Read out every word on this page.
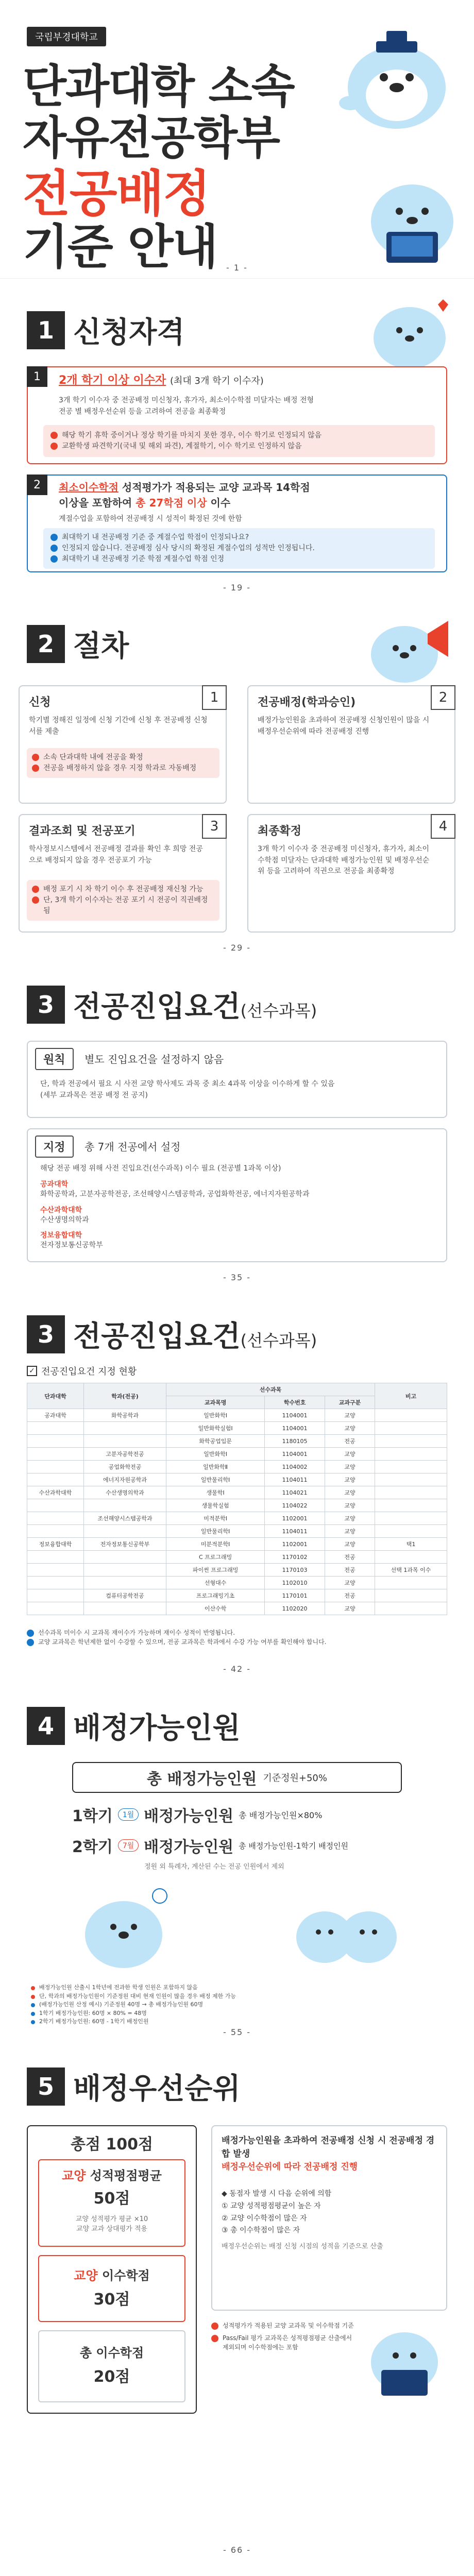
국립부경대학교
단과대학 소속
자유전공학부
전공배정
기준 안내	- 1 -
1 신청자격
1	2개 학기 이상 이수자 (최대 3개 학기 이수자)
3개 학기 이수자 중 전공배정 미신청자, 휴가자, 최소이수학점 미달자는 배정 전형
전공 별 배정우선순위 등을 고려하여 전공을 최종확정
해당 학기 휴학 중이거나 정상 학기를 마치지 못한 경우, 이수 학기로 인정되지 않음
교환학생 파견학기(국내 및 해외 파견), 계절학기, 이수 학기로 인정하지 않음
2	최소이수학점 성적평가가 적용되는 교양 교과목 14학점
이상을 포함하여 총 27학점 이상 이수
계절수업을 포함하여 전공배정 시 성적이 확정된 것에 한함
최대학기 내 전공배정 기준 중 계절수업 학점이 인정되나요?
인정되지 않습니다. 전공배정 심사 당시의 확정된 계절수업의 성적만 인정됩니다.
최대학기 내 전공배정 기준 학점 계절수업 학점 인정
- 19 -
2 절차
1
신청
학기별 정해진 일정에 신청 기간에 신청 후 전공배정 신청서를 제출
소속 단과대학 내에 전공을 확정
전공을 배정하지 않을 경우 지정 학과로 자동배정
2
전공배정(학과승인)
배정가능인원을 초과하여 전공배정 신청인원이 많을 시 배정우선순위에 따라 전공배정 진행
3
결과조회 및 전공포기
학사정보시스템에서 전공배정 결과를 확인 후 희망 전공으로 배정되지 않을 경우 전공포기 가능
배정 포기 시 차 학기 이수 후 전공배정 재신청 가능
단, 3개 학기 이수자는 전공 포기 시 전공이 직권배정 됨
4
최종확정
3개 학기 이수자 중 전공배정 미신청자, 휴가자, 최소이수학점 미달자는 단과대학 배정가능인원 및 배정우선순위 등을 고려하여 직권으로 전공을 최종확정
- 29 -
3 전공진입요건(선수과목)
원칙	별도 진입요건을 설정하지 않음
단, 학과 전공에서 필요 시 사전 교양 학사제도 과목 중 최소 4과목 이상을 이수하게 할 수 있음
(세부 교과목은 전공 배정 전 공지)
지정	총 7개 전공에서 설정
해당 전공 배정 위해 사전 진입요건(선수과목) 이수 필요 (전공별 1과목 이상)
공과대학
화학공학과, 고분자공학전공, 조선해양시스템공학과, 공업화학전공, 에너지자원공학과
수산과학대학
수산생명의학과
정보융합대학
전자정보통신공학부
- 35 -
3 전공진입요건(선수과목)
✓ 전공진입요건 지정 현황
단과대학	학과(전공)	선수과목			비고
		교과목명	학수번호	교과구분	
공과대학	화학공학과	일반화학Ⅰ	1104001	교양	
		일반화학실험Ⅰ	1104001	교양	
		화학공업입문	1180105	전공	
	고분자공학전공	일반화학Ⅰ	1104001	교양	
	공업화학전공	일반화학Ⅱ	1104002	교양	
	에너지자원공학과	일반물리학Ⅰ	1104011	교양	
수산과학대학	수산생명의학과	생물학Ⅰ	1104021	교양	
		생물학실험	1104022	교양	
	조선해양시스템공학과	미적분학Ⅰ	1102001	교양	
		일반물리학Ⅰ	1104011	교양	
정보융합대학	전자정보통신공학부	미분적분학Ⅰ	1102001	교양	택1
		C 프로그래밍	1170102	전공	
		파이썬 프로그래밍	1170103	전공	선택 1과목 이수
		선형대수	1102010	교양	
	컴퓨터공학전공	프로그래밍기초	1170101	전공	
		이산수학	1102020	교양	
선수과목 미이수 시 교과목 재이수가 가능하며 재이수 성적이 반영됩니다.
교양 교과목은 학년제한 없이 수강할 수 있으며, 전공 교과목은 학과에서 수강 가능 여부를 확인해야 합니다.
- 42 -
4 배정가능인원
총 배정가능인원 기준정원+50%
1학기	1월 배정가능인원 총 배정가능인원×80%
2학기	7월 배정가능인원 총 배정가능인원-1학기 배정인원
정원 외 특례자, 계산된 수는 전공 인원에서 제외
배정가능인원 산출시 1학년에 전과한 학생 인원은 포함하지 않음
단, 학과의 배정가능인원이 기준정원 대비 현재 인원이 많을 경우 배정 제한 가능
(배정가능인원 산정 예시) 기준정원 40명 → 총 배정가능인원 60명
1학기 배정가능인원: 60명 × 80% = 48명
2학기 배정가능인원: 60명 - 1학기 배정인원
- 55 -
5 배정우선순위
총점 100점
교양 성적평점평균
50점
교양 성적평가 평균 ×10
교양 교과 상대평가 적용
교양 이수학점
30점
총 이수학점
20점
배정가능인원을 초과하여 전공배정 신청 시 전공배정 경합 발생
배정우선순위에 따라 전공배정 진행
◆ 동점자 발생 시 다음 순위에 의함
① 교양 성적평점평균이 높은 자
② 교양 이수학점이 많은 자
③ 총 이수학점이 많은 자
배정우선순위는 배정 신청 시점의 성적을 기준으로 산출
성적평가가 적용된 교양 교과목 및 이수학점 기준
Pass/Fail 평가 교과목은 성적평점평균 산출에서 제외되며 이수학점에는 포함
- 66 -
